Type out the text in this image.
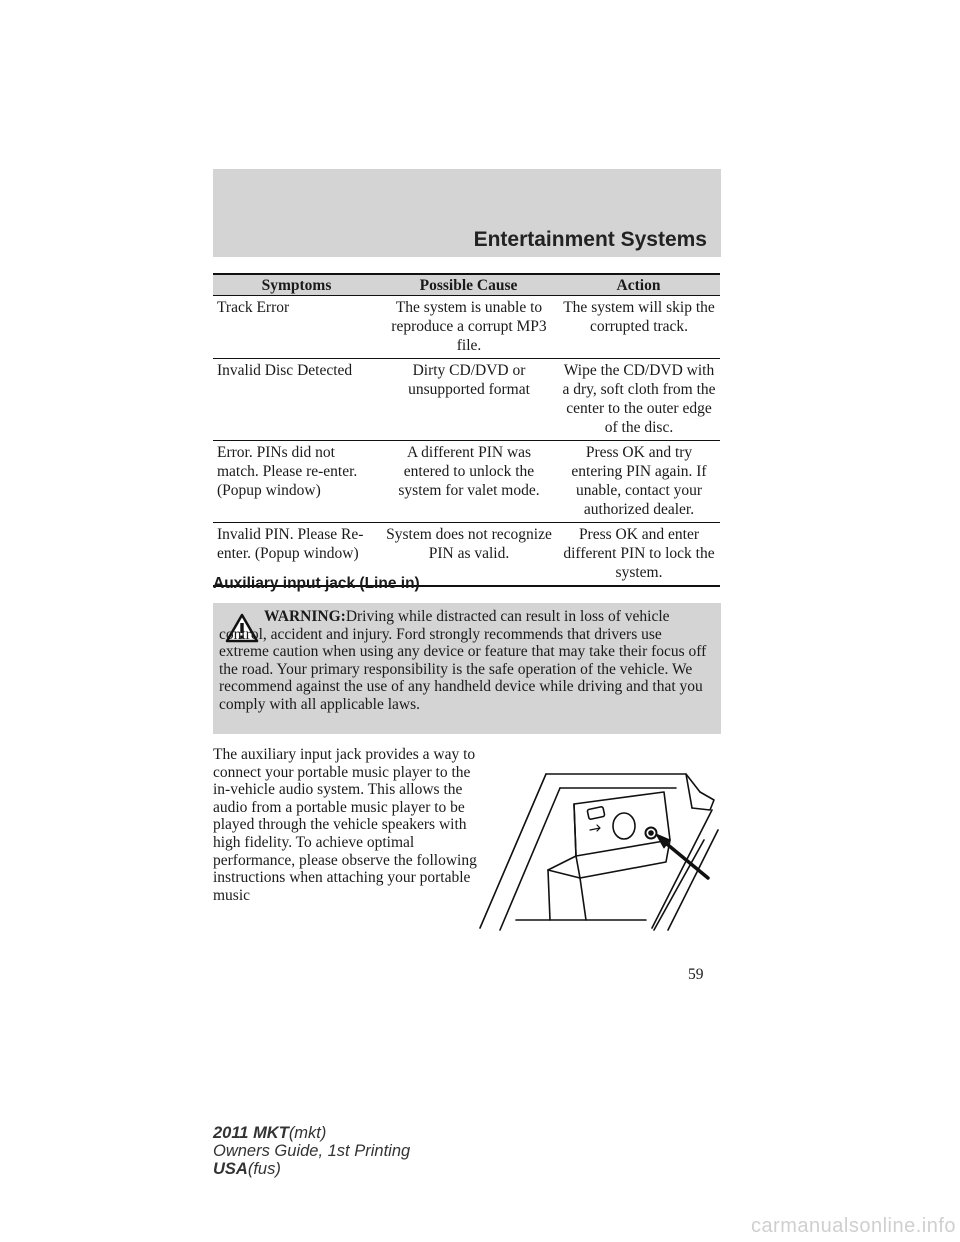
Entertainment Systems
Symptoms	Possible Cause	Action
Track Error	The system is unable to reproduce a corrupt MP3 file.	The system will skip the corrupted track.
Invalid Disc Detected	Dirty CD/DVD or unsupported format	Wipe the CD/DVD with a dry, soft cloth from the center to the outer edge of the disc.
Error. PINs did not match. Please re-enter. (Popup window)	A different PIN was entered to unlock the system for valet mode.	Press OK and try entering PIN again. If unable, contact your authorized dealer.
Invalid PIN. Please Re-enter. (Popup window)	System does not recognize PIN as valid.	Press OK and enter different PIN to lock the system.
Auxiliary input jack (Line in)
WARNING:Driving while distracted can result in loss of vehicle control, accident and injury. Ford strongly recommends that drivers use extreme caution when using any device or feature that may take their focus off the road. Your primary responsibility is the safe operation of the vehicle. We recommend against the use of any handheld device while driving and that you comply with all applicable laws.
The auxiliary input jack provides a way to connect your portable music player to the in-vehicle audio system. This allows the audio from a portable music player to be played through the vehicle speakers with high fidelity. To achieve optimal performance, please observe the following instructions when attaching your portable music
59
2011 MKT(mkt)
Owners Guide, 1st Printing
USA(fus)
carmanualsonline.info
